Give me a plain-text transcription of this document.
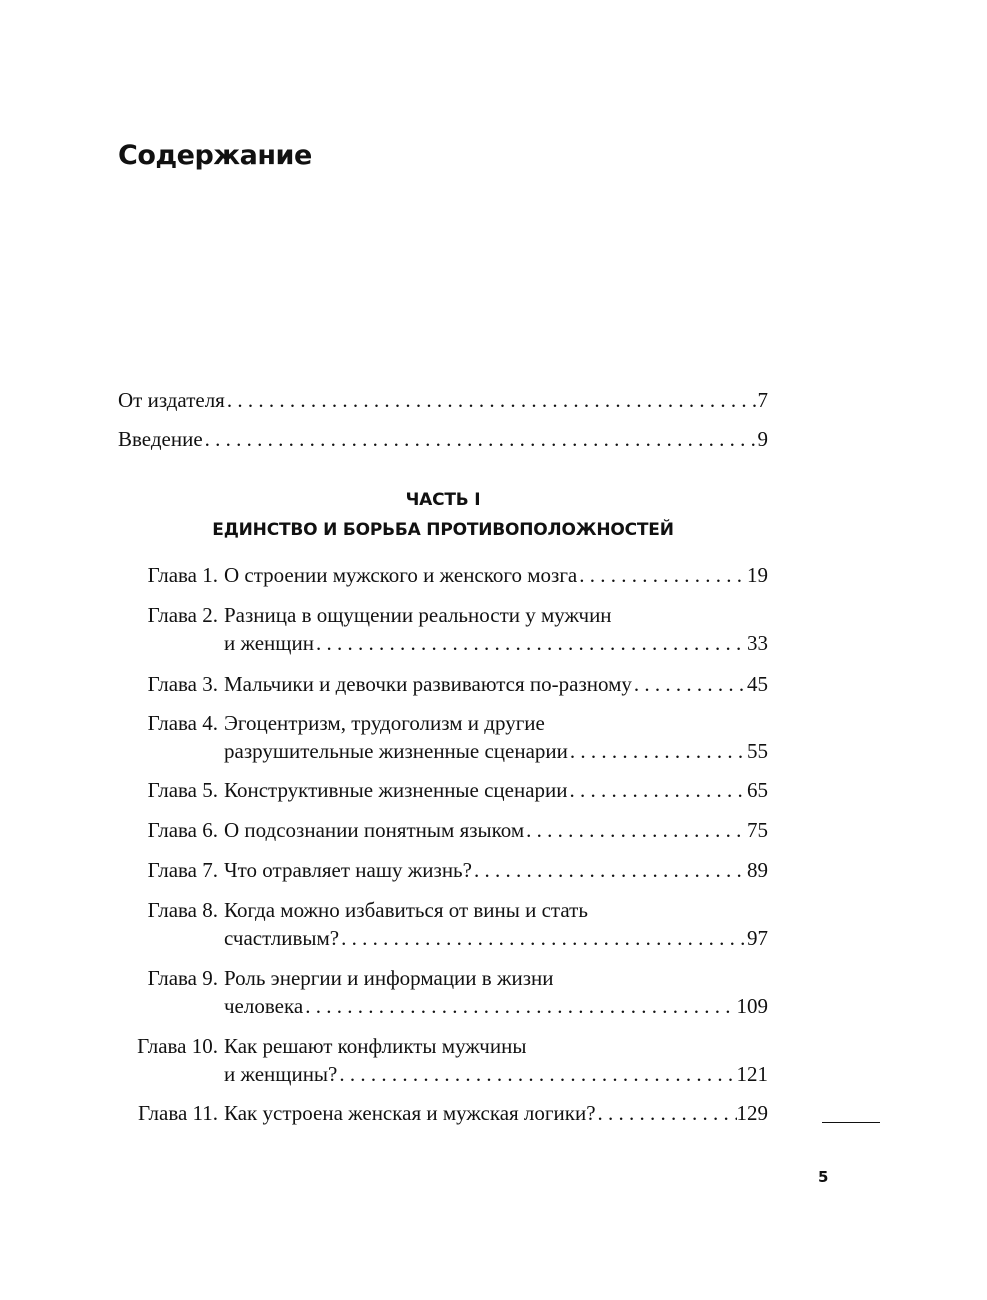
Содержание
От издателя . . .	7
Введение . . .	9
Глава 1. О строении мужского и женского мозга . . .	19
Глава 2. Разница в ощущении реальности у мужчин
и женщин . . .	33
Глава 3. Мальчики и девочки развиваются по-разному . . .	45
Глава 4. Эгоцентризм, трудоголизм и другие
разрушительные жизненные сценарии . . .	55
Глава 5. Конструктивные жизненные сценарии . . .	65
Глава 6. О подсознании понятным языком . . .	75
Глава 7. Что отравляет нашу жизнь? . . .	89
Глава 8. Когда можно избавиться от вины и стать
счастливым? . . .	97
Глава 9. Роль энергии и информации в жизни
человека . . .	109
Глава 10. Как решают конфликты мужчины
и женщины? . . .	121
Глава 11. Как устроена женская и мужская логики? . . .	129
ЧАСТЬ I
ЕДИНСТВО И БОРЬБА ПРОТИВОПОЛОЖНОСТЕЙ
5
